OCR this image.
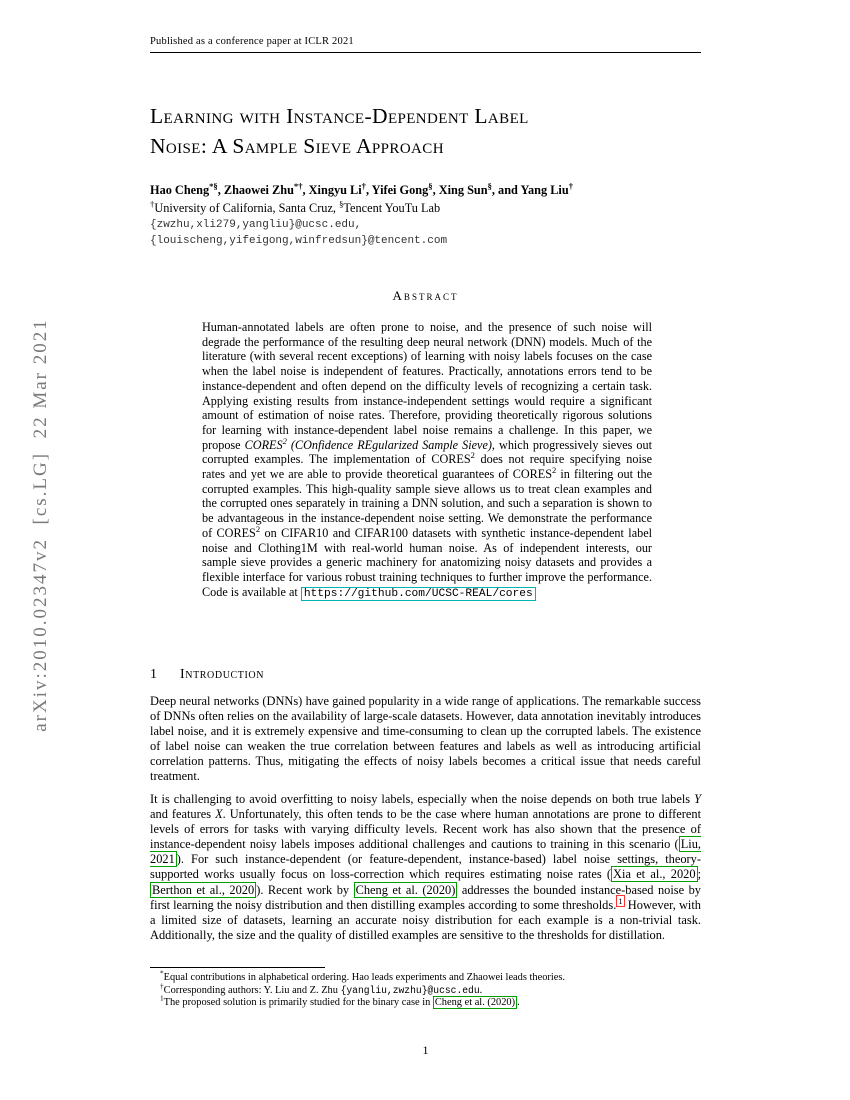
Published as a conference paper at ICLR 2021
arXiv:2010.02347v2  [cs.LG]  22 Mar 2021
Learning with Instance-Dependent Label
Noise: A Sample Sieve Approach
Hao Cheng*§, Zhaowei Zhu*†, Xingyu Li†, Yifei Gong§, Xing Sun§, and Yang Liu†
†University of California, Santa Cruz, §Tencent YouTu Lab
{zwzhu,xli279,yangliu}@ucsc.edu,
{louischeng,yifeigong,winfredsun}@tencent.com
Abstract
Human-annotated labels are often prone to noise, and the presence of such noise will degrade the performance of the resulting deep neural network (DNN) models. Much of the literature (with several recent exceptions) of learning with noisy labels focuses on the case when the label noise is independent of features. Practically, annotations errors tend to be instance-dependent and often depend on the difficulty levels of recognizing a certain task. Applying existing results from instance-independent settings would require a significant amount of estimation of noise rates. Therefore, providing theoretically rigorous solutions for learning with instance-dependent label noise remains a challenge. In this paper, we propose CORES$^2$ (COnfidence REgularized Sample Sieve), which progressively sieves out corrupted examples. The implementation of CORES$^2$ does not require specifying noise rates and yet we are able to provide theoretical guarantees of CORES$^2$ in filtering out the corrupted examples. This high-quality sample sieve allows us to treat clean examples and the corrupted ones separately in training a DNN solution, and such a separation is shown to be advantageous in the instance-dependent noise setting. We demonstrate the performance of CORES$^2$ on CIFAR10 and CIFAR100 datasets with synthetic instance-dependent label noise and Clothing1M with real-world human noise. As of independent interests, our sample sieve provides a generic machinery for anatomizing noisy datasets and provides a flexible interface for various robust training techniques to further improve the performance. Code is available at https://github.com/UCSC-REAL/cores
1 Introduction
Deep neural networks (DNNs) have gained popularity in a wide range of applications. The remarkable success of DNNs often relies on the availability of large-scale datasets. However, data annotation inevitably introduces label noise, and it is extremely expensive and time-consuming to clean up the corrupted labels. The existence of label noise can weaken the true correlation between features and labels as well as introducing artificial correlation patterns. Thus, mitigating the effects of noisy labels becomes a critical issue that needs careful treatment.
It is challenging to avoid overfitting to noisy labels, especially when the noise depends on both true labels Y and features X. Unfortunately, this often tends to be the case where human annotations are prone to different levels of errors for tasks with varying difficulty levels. Recent work has also shown that the presence of instance-dependent noisy labels imposes additional challenges and cautions to training in this scenario ( Liu, 2021 ). For such instance-dependent (or feature-dependent, instance-based) label noise settings, theory-supported works usually focus on loss-correction which requires estimating noise rates ( Xia et al., 2020 ; Berthon et al., 2020 ). Recent work by Cheng et al. (2020) addresses the bounded instance-based noise by first learning the noisy distribution and then distilling examples according to some thresholds. $^1$ However, with a limited size of datasets, learning an accurate noisy distribution for each example is a non-trivial task. Additionally, the size and the quality of distilled examples are sensitive to the thresholds for distillation.
*Equal contributions in alphabetical ordering. Hao leads experiments and Zhaowei leads theories.
†Corresponding authors: Y. Liu and Z. Zhu {yangliu,zwzhu}@ucsc.edu.
$^1$The proposed solution is primarily studied for the binary case in Cheng et al. (2020) .
1
